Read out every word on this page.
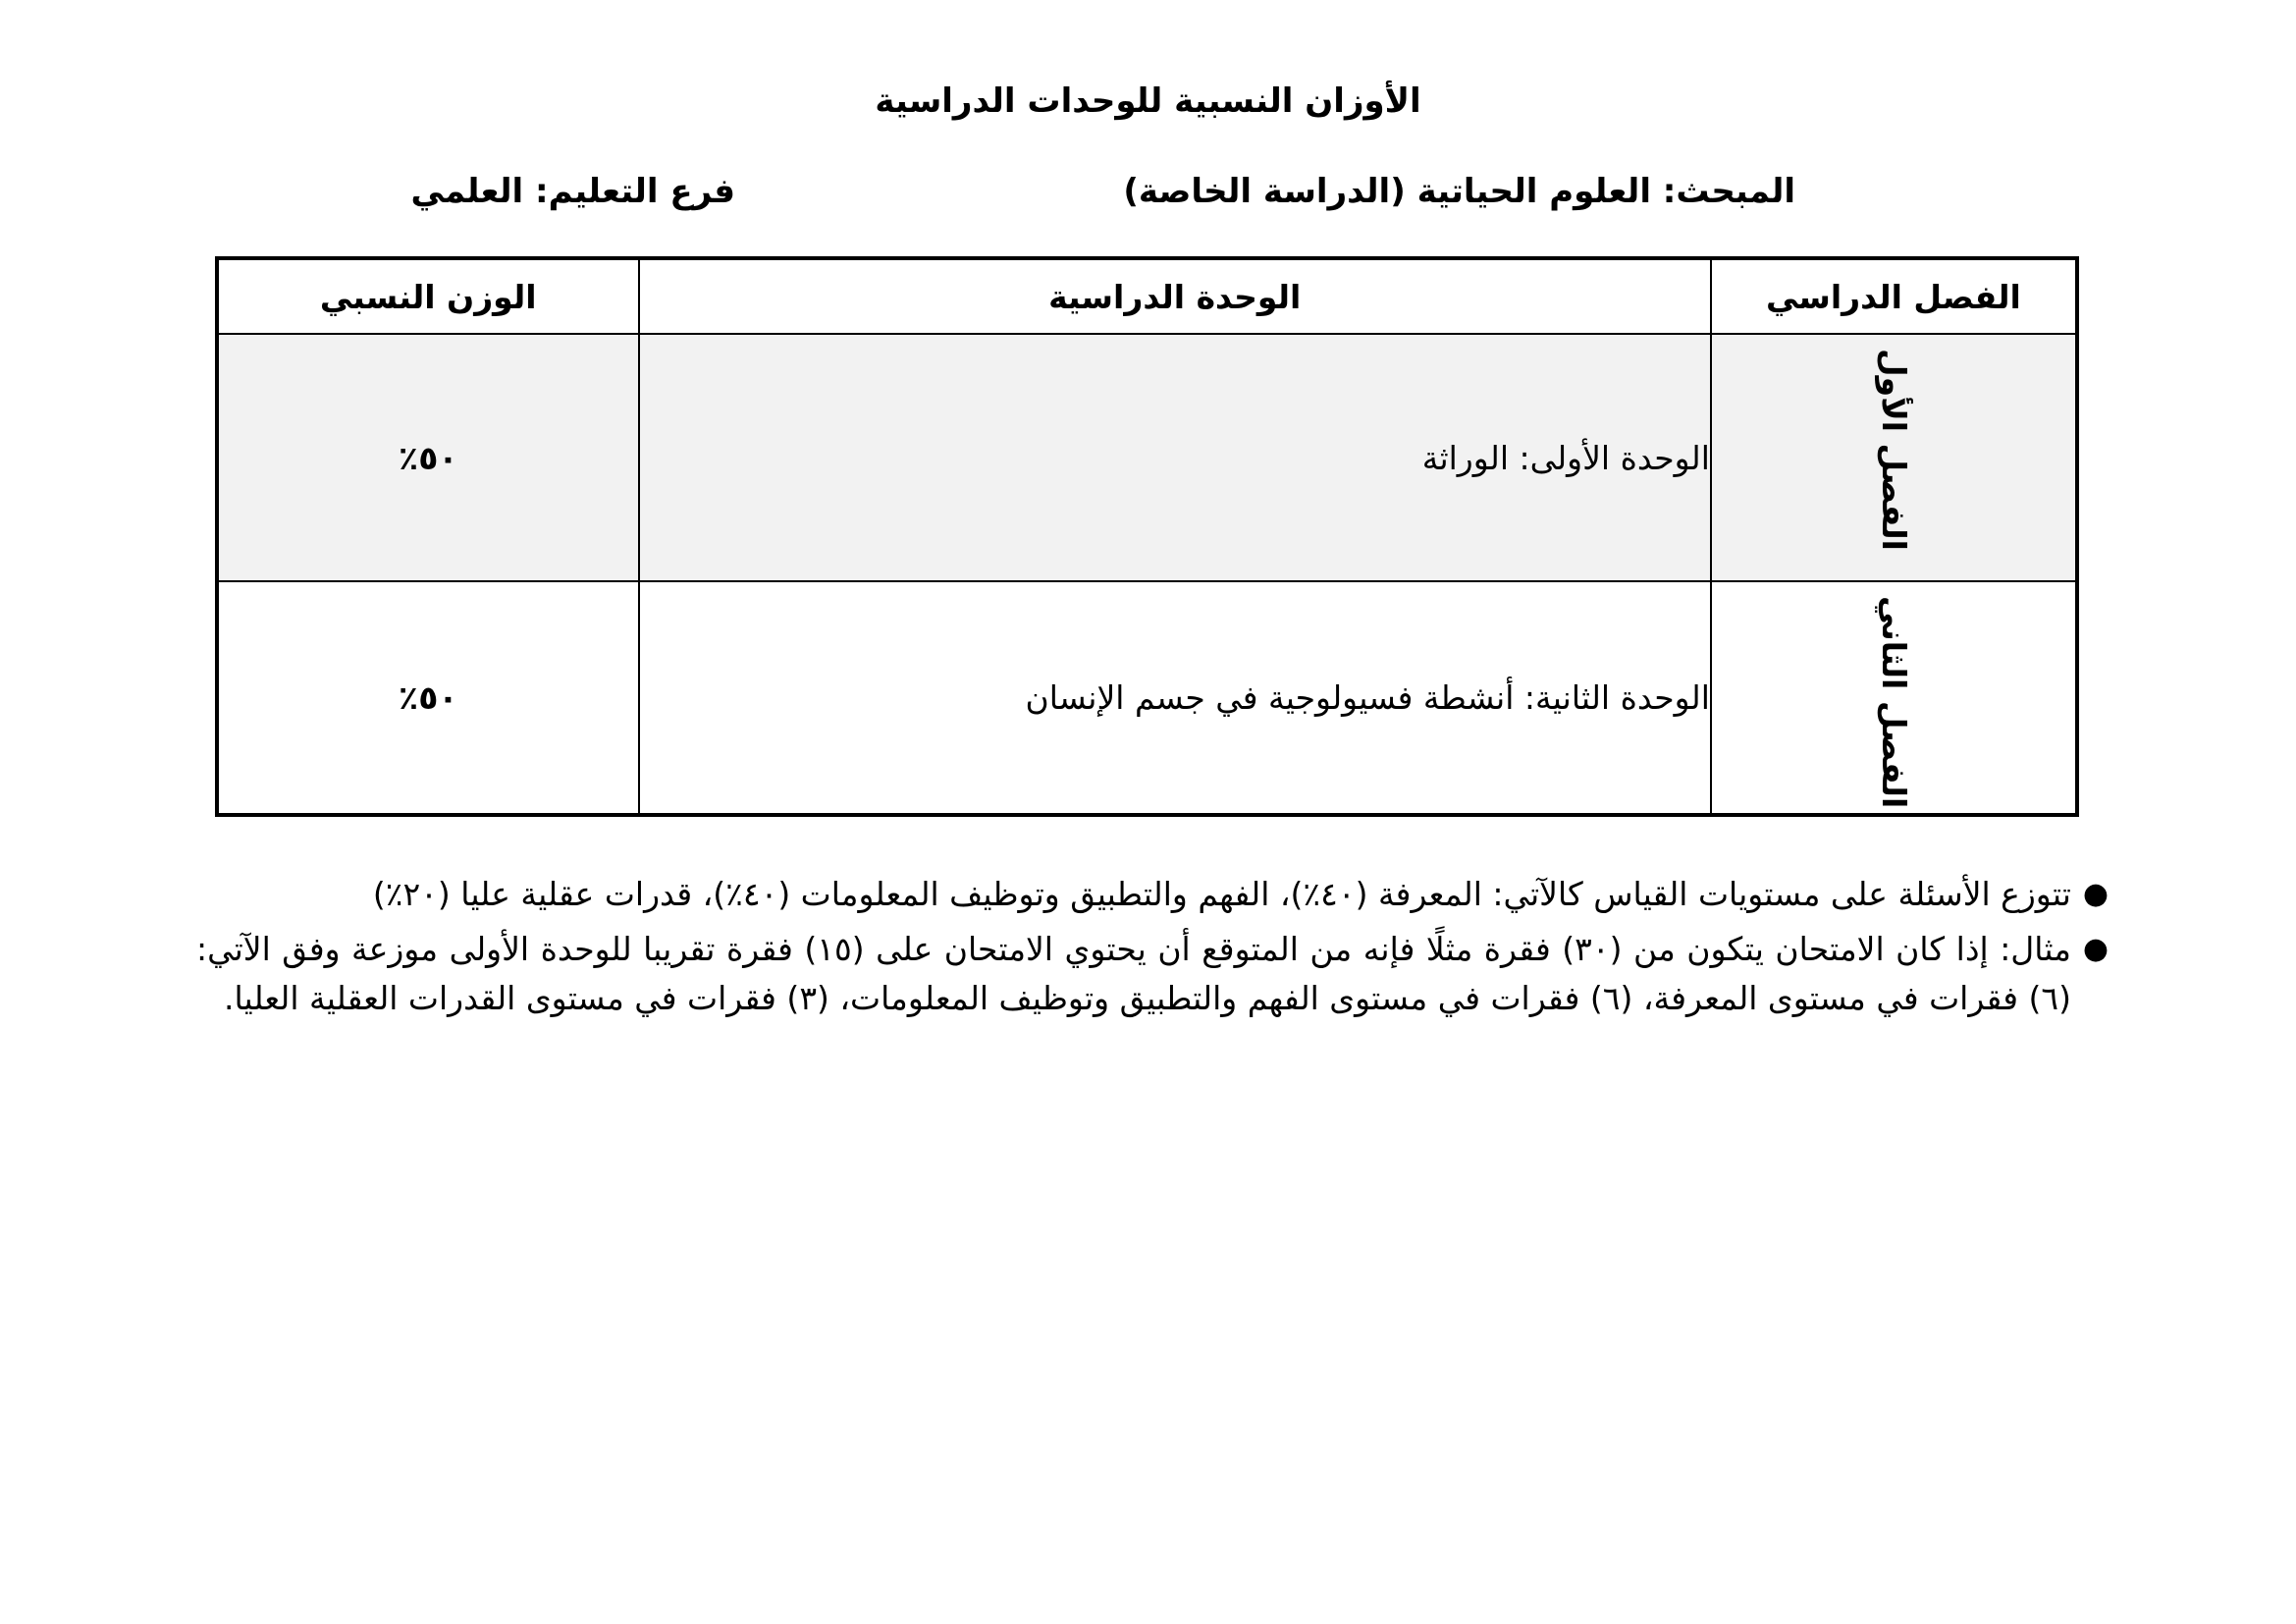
الأوزان النسبية للوحدات الدراسية
المبحث: العلوم الحياتية (الدراسة الخاصة)
فرع التعليم: العلمي
الفصل الدراسي	الوحدة الدراسية	الوزن النسبي
الفصل الأول	الوحدة الأولى: الوراثة	٥٠٪
الفصل الثاني	الوحدة الثانية: أنشطة فسيولوجية في جسم الإنسان	٥٠٪
●
تتوزع الأسئلة على مستويات القياس كالآتي: المعرفة (٤٠٪)، الفهم والتطبيق وتوظيف المعلومات (٤٠٪)، قدرات عقلية عليا (٢٠٪)
●
مثال: إذا كان الامتحان يتكون من (٣٠) فقرة مثلًا فإنه من المتوقع أن يحتوي الامتحان على (١٥) فقرة تقريبا للوحدة الأولى موزعة وفق الآتي: (٦) فقرات في مستوى المعرفة، (٦) فقرات في مستوى الفهم والتطبيق وتوظيف المعلومات، (٣) فقرات في مستوى القدرات العقلية العليا.
